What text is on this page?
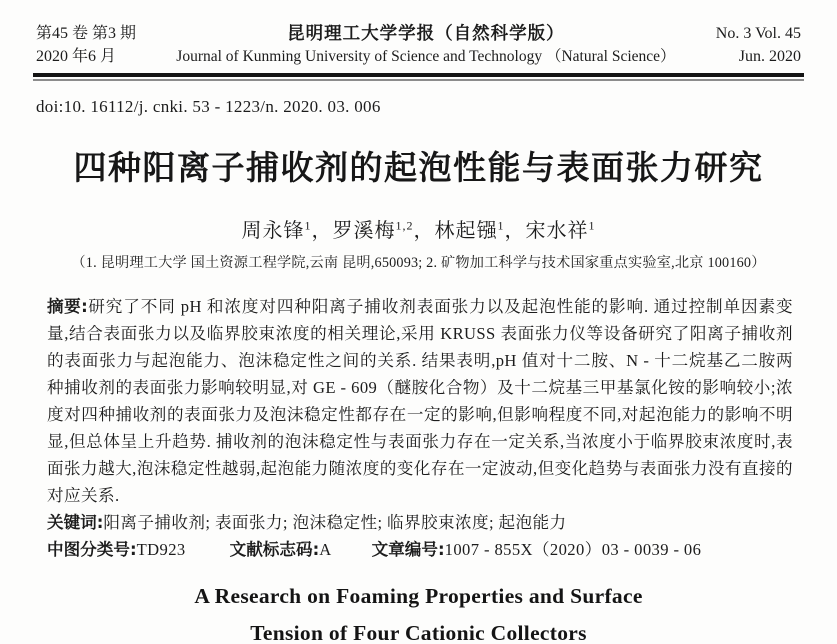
第45 卷 第3 期
2020 年6 月
昆明理工大学学报（自然科学版）
Journal of Kunming University of Science and Technology （Natural Science）
No. 3 Vol. 45
Jun. 2020
doi:10. 16112/j. cnki. 53 - 1223/n. 2020. 03. 006
四种阳离子捕收剂的起泡性能与表面张力研究
周永锋$^1$，罗溪梅$^{1,2}$，林起镪$^1$，宋水祥$^1$
（1. 昆明理工大学 国土资源工程学院,云南 昆明,650093; 2. 矿物加工科学与技术国家重点实验室,北京 100160）

摘要:研究了不同 pH 和浓度对四种阳离子捕收剂表面张力以及起泡性能的影响. 通过控制单因素变量,结合表面张力以及临界胶束浓度的相关理论,采用 KRUSS 表面张力仪等设备研究了阳离子捕收剂的表面张力与起泡能力、泡沫稳定性之间的关系. 结果表明,pH 值对十二胺、N - 十二烷基乙二胺两种捕收剂的表面张力影响较明显,对 GE - 609（醚胺化合物）及十二烷基三甲基氯化铵的影响较小;浓度对四种捕收剂的表面张力及泡沫稳定性都存在一定的影响,但影响程度不同,对起泡能力的影响不明显,但总体呈上升趋势. 捕收剂的泡沫稳定性与表面张力存在一定关系,当浓度小于临界胶束浓度时,表面张力越大,泡沫稳定性越弱,起泡能力随浓度的变化存在一定波动,但变化趋势与表面张力没有直接的对应关系.

关键词:阳离子捕收剂; 表面张力; 泡沫稳定性; 临界胶束浓度; 起泡能力
中图分类号:TD923	文献标志码:A 文章编号:1007 - 855X（2020）03 - 0039 - 06
A Research on Foaming Properties and Surface
Tension of Four Cationic Collectors
